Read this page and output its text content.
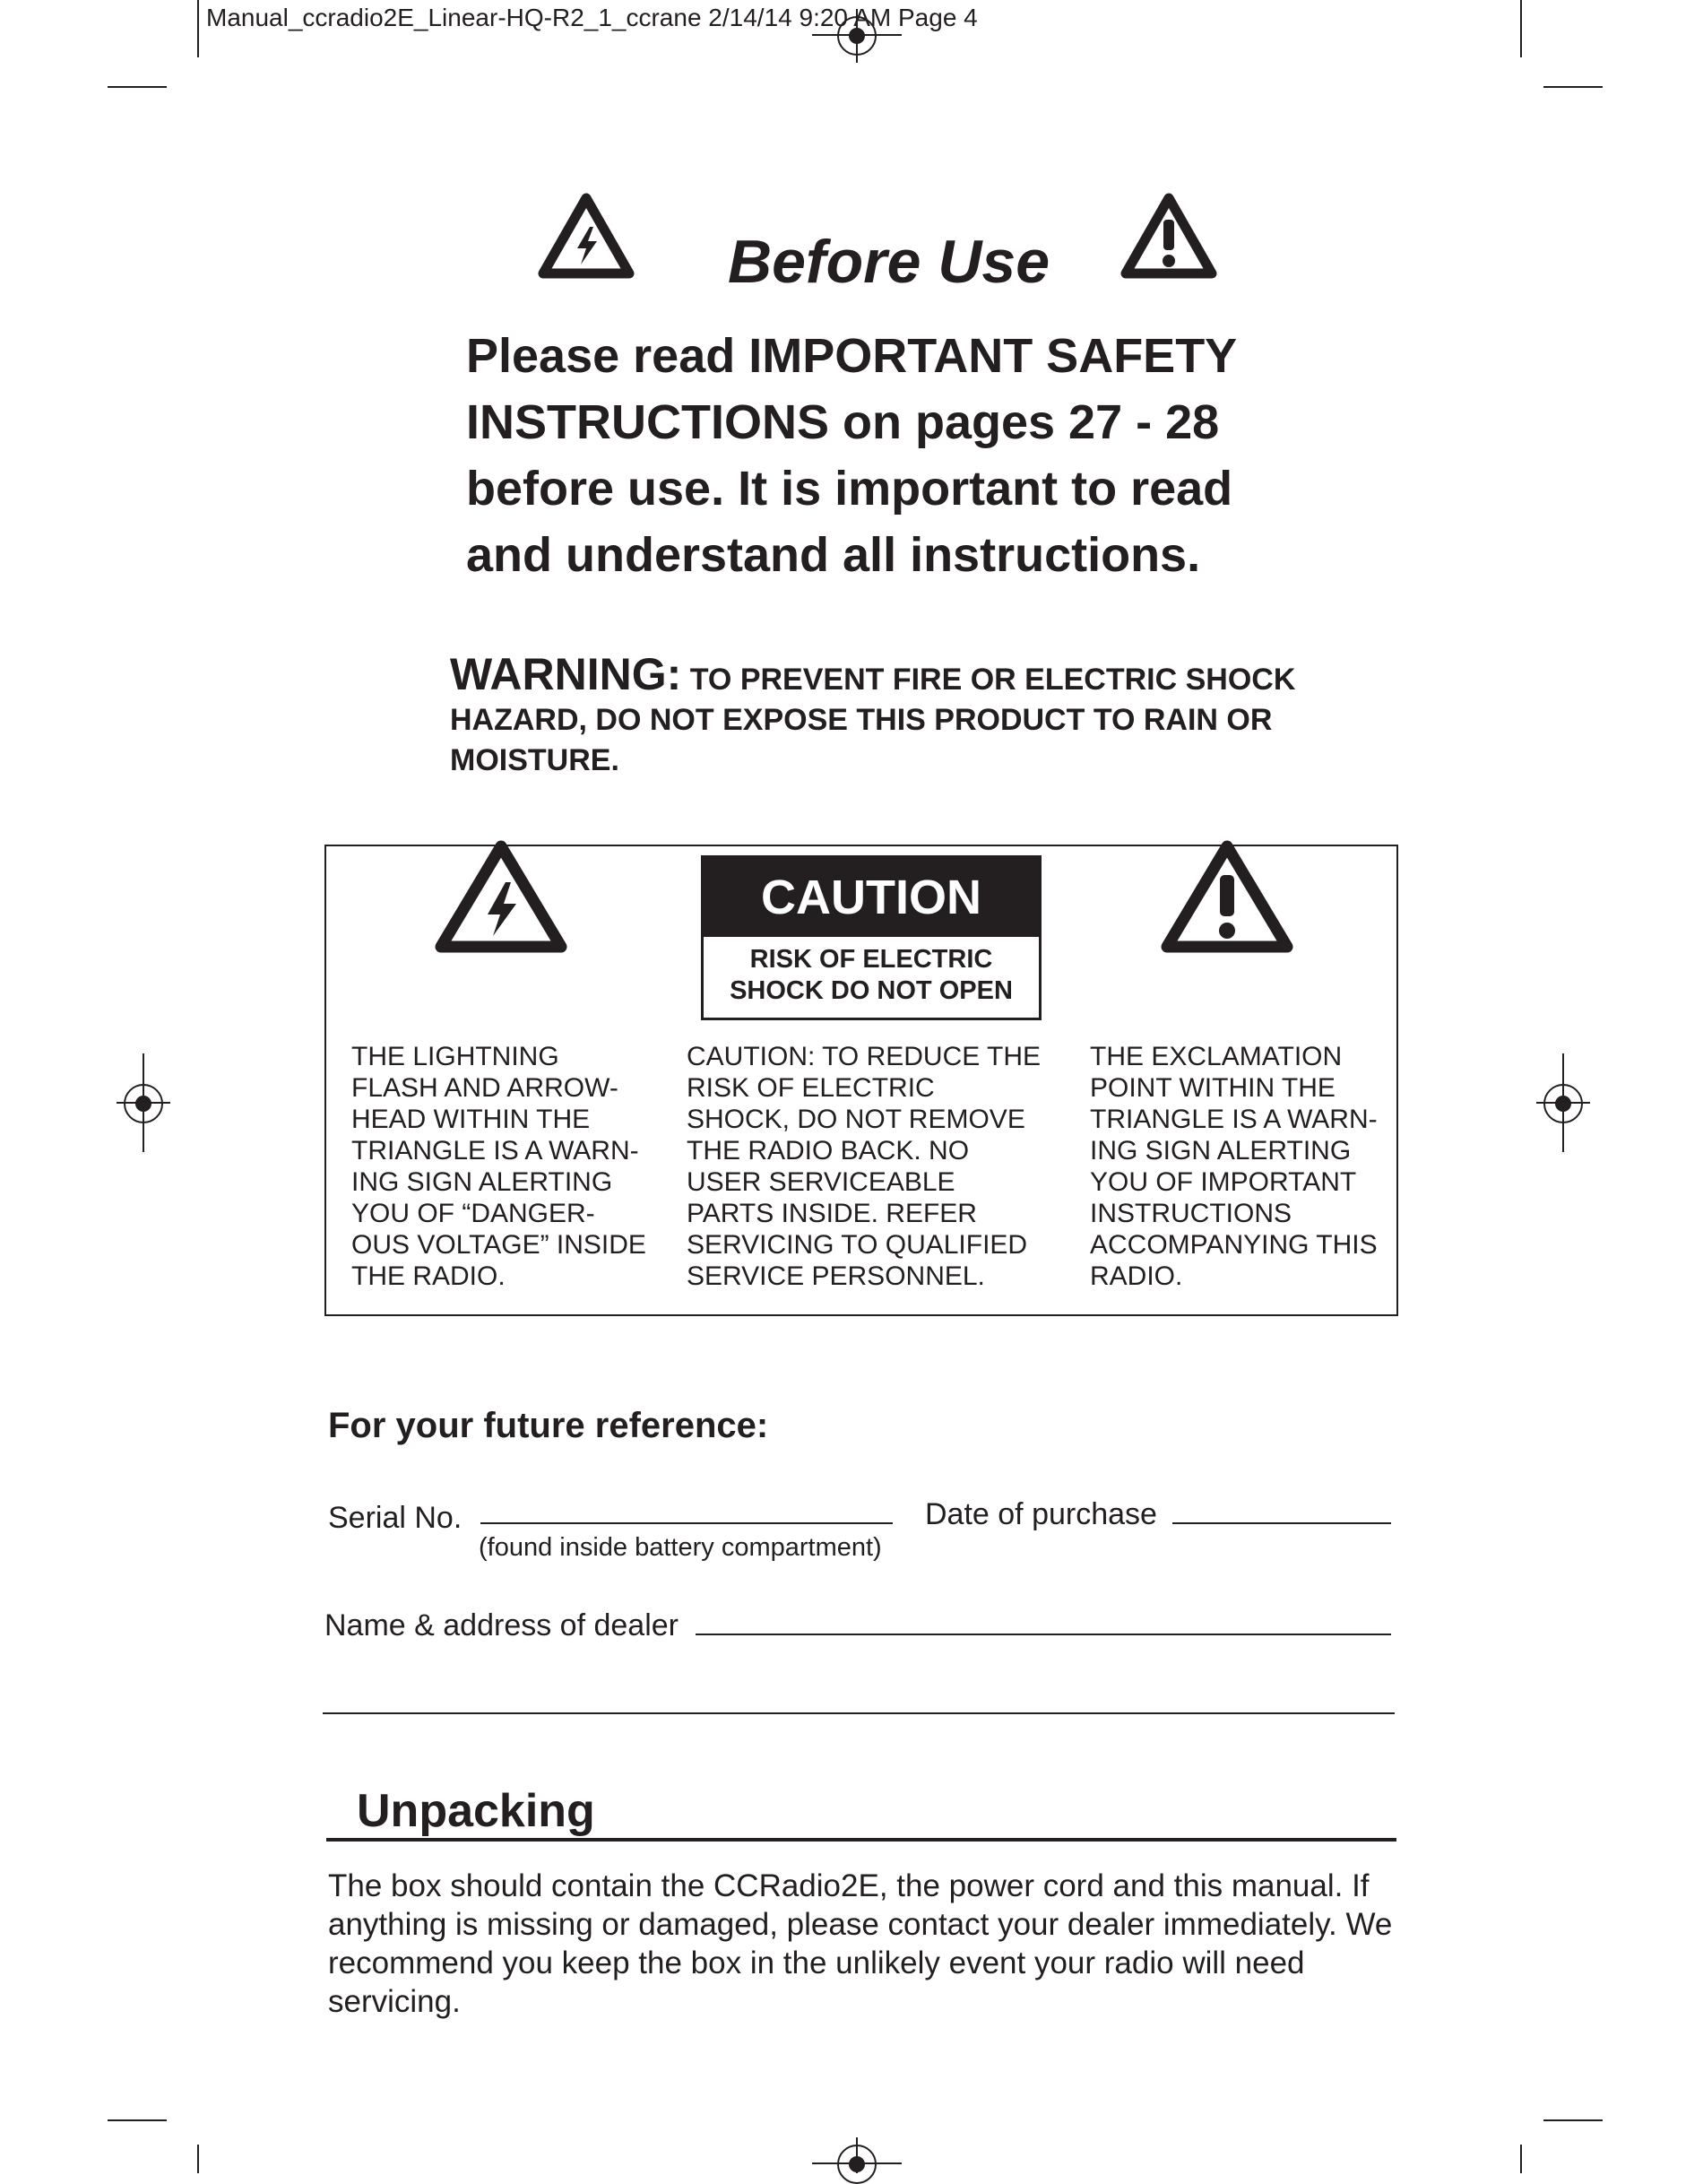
Manual_ccradio2E_Linear-HQ-R2_1_ccrane 2/14/14 9:20 AM Page 4
Before Use
Please read IMPORTANT SAFETY
INSTRUCTIONS on pages 27 - 28
before use. It is important to read
and understand all instructions.
WARNING: TO PREVENT FIRE OR ELECTRIC SHOCK HAZARD, DO NOT EXPOSE THIS PRODUCT TO RAIN OR MOISTURE.
CAUTION
RISK OF ELECTRIC
SHOCK DO NOT OPEN
THE LIGHTNING FLASH AND ARROW-HEAD WITHIN THE TRIANGLE IS A WARN-ING SIGN ALERTING YOU OF “DANGER-OUS VOLTAGE” INSIDE THE RADIO.
CAUTION: TO REDUCE THE RISK OF ELECTRIC SHOCK, DO NOT REMOVE THE RADIO BACK. NO USER SERVICEABLE PARTS INSIDE. REFER SERVICING TO QUALIFIED SERVICE PERSONNEL.
THE EXCLAMATION POINT WITHIN THE TRIANGLE IS A WARN-ING SIGN ALERTING YOU OF IMPORTANT INSTRUCTIONS ACCOMPANYING THIS RADIO.
For your future reference:
Serial No.
(found inside battery compartment)
Date of purchase
Name & address of dealer
Unpacking
The box should contain the CCRadio2E, the power cord and this manual. If anything is missing or damaged, please contact your dealer immediately. We recommend you keep the box in the unlikely event your radio will need servicing.
